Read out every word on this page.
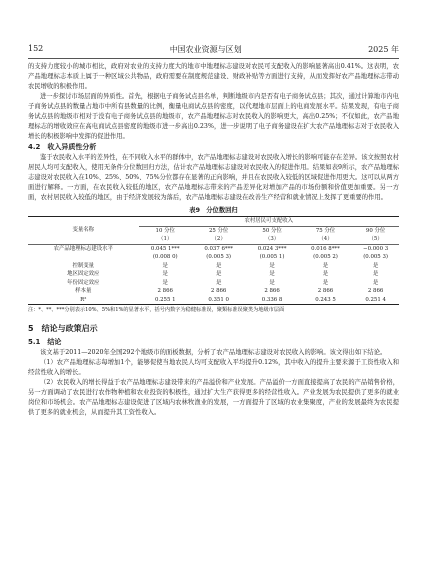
152	中国农业资源与区划	2025 年

的支持力度较小的城市相比，政府对农业的支持力度大的地市中地理标志建设对农民可支配收入的影响显著高出0.41%。这表明，农产品地理标志本质上属于一种区域公共物品，政府需要在制度规范建设、财政补贴等方面进行支持，从而发挥好农产品地理标志带动农民增收的积极作用。

进一步探讨市场层面的异质性。首先，根据电子商务试点县名单，判断地级市内是否有电子商务试点县；其次，通过计算地市内电子商务试点县的数量占地市中所有县数量的比例，衡量电商试点县的密度，以代理地市层面上的电商发展水平。结果发现，有电子商务试点县的地级市相对于没有电子商务试点县的地级市，农产品地理标志对农民收入的影响更大，高出0.25%；不仅如此，农产品地理标志的增收效应在高电商试点县密度的地级市进一步高出0.23%，进一步说明了电子商务建设在扩大农产品地理标志对于农民收入增长的积极影响中发挥的促进作用。

4.2　收入异质性分析

鉴于农民收入水平的差异性，在不同收入水平的群体中，农产品地理标志建设对农民收入增长的影响可能存在差异。该文按照农村居民人均可支配收入，使用无条件分位数回归方法，估计农产品地理标志建设对农民收入的促进作用。结果如表9所示，农产品地理标志建设对农民收入在10%、25%、50%、75%分位都存在显著的正向影响，并且在农民收入较低的区域促进作用更大。这可以从两方面进行解释。一方面，在农民收入较低的地区，农产品地理标志带来的产品差异化对增加产品的市场份额和价值更加重要。另一方面，农村居民收入较低的地区，由于经济发展较为落后，农产品地理标志建设在改善生产经营和就业情况上发挥了更重要的作用。

表9　分位数回归
变量名称	农村居民可支配收入				
	10 分位	25 分位	50 分位	75 分位	90 分位
	（1）	（2）	（3）	（4）	（5）
农产品地理标志建设水平	0.045 1***	0.037 6***	0.024 3***	0.016 8***	−0.000 3
	(0.008 0)	(0.005 3)	(0.005 1)	(0.005 2)	(0.005 3)
控制变量	是	是	是	是	是
地区固定效应	是	是	是	是	是
年份固定效应	是	是	是	是	是
样本量	2 866	2 866	2 866	2 866	2 866
R²	0.255 1	0.351 0	0.336 8	0.243 5	0.251 4
注：*、**、***分别表示10%、5%和1%的显著水平，括号内数字为稳健标准误，聚類标准误聚类为地级市层面
5　结论与政策启示
5.1　结论

该文基于2011—2020年全国292个地级市的面板数据，分析了农产品地理标志建设对农民收入的影响。该文得出如下结论。

（1）农产品地理标志每增加1个，能够促使当地农民人均可支配收入平均提升0.12%，其中收入的提升主要来源于工资性收入和经营性收入的增长。

（2）农民收入的增长得益于农产品地理标志建设带来的产品溢价和产业发展。产品溢价一方面直接提高了农民的产品销售价格，另一方面调动了农民进行农作物种植和农业投资的积极性，通过扩大生产获得更多的经营性收入。产业发展为农民提供了更多的就业岗位和市场机会。农产品地理标志建设促进了区域内农林牧渔业的发展，一方面提升了区域的农业集聚度，产业的发展最终为农民提供了更多的就业机会，从而提升其工资性收入。
